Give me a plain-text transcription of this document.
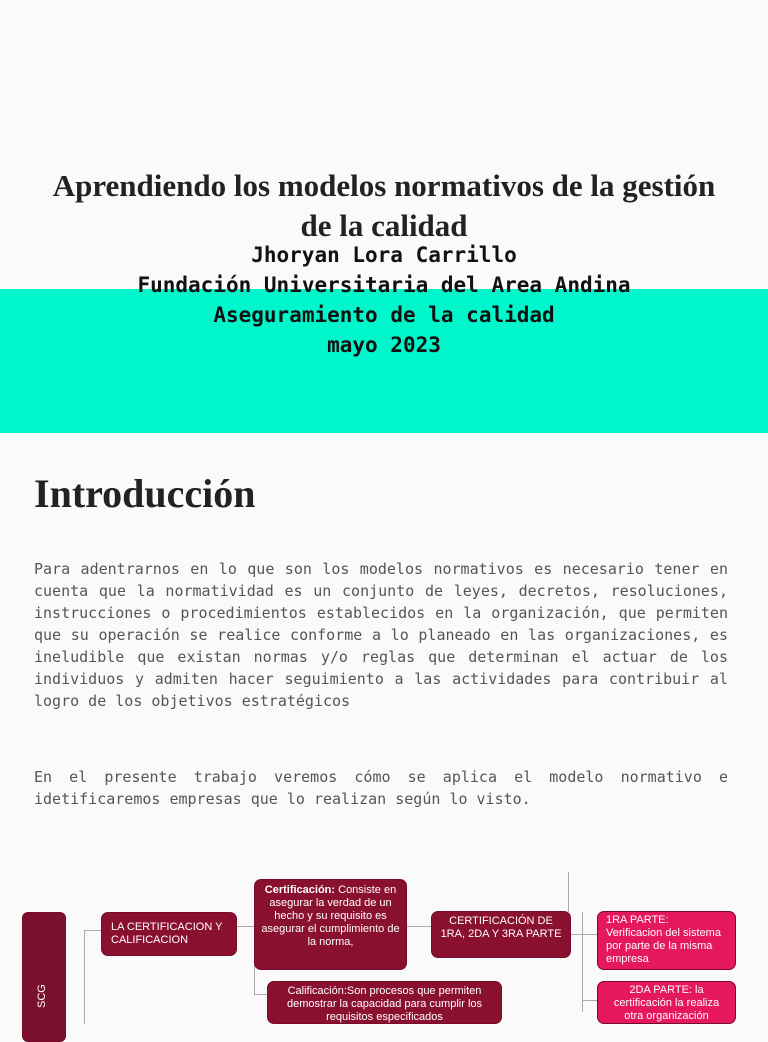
Aprendiendo los modelos normativos de la gestión de la calidad
Jhoryan Lora Carrillo
Fundación Universitaria del Area Andina
Aseguramiento de la calidad
mayo 2023
Introducción

Para adentrarnos en lo que son los modelos normativos es necesario tener en cuenta que la normatividad es un conjunto de leyes, decretos, resoluciones, instrucciones o procedimientos establecidos en la organización, que permiten que su operación se realice conforme a lo planeado en las organizaciones, es ineludible que existan normas y/o reglas que determinan el actuar de los individuos y admiten hacer seguimiento a las actividades para contribuir al logro de los objetivos estratégicos

En el presente trabajo veremos cómo se aplica el modelo normativo e idetificaremos empresas que lo realizan según lo visto.

LA CERTIFICACION Y CALIFICACION
Certificación: Consiste en asegurar la verdad de un hecho y su requisito es asegurar el cumplimiento de la norma,
Calificación:Son procesos que permiten demostrar la capacidad para cumplir los requisitos especificados
CERTIFICACIÓN DE 1RA, 2DA Y 3RA PARTE
1RA PARTE: Verificacion del sistema por parte de la misma empresa
2DA PARTE: la certificación la realiza otra organización
SCG
